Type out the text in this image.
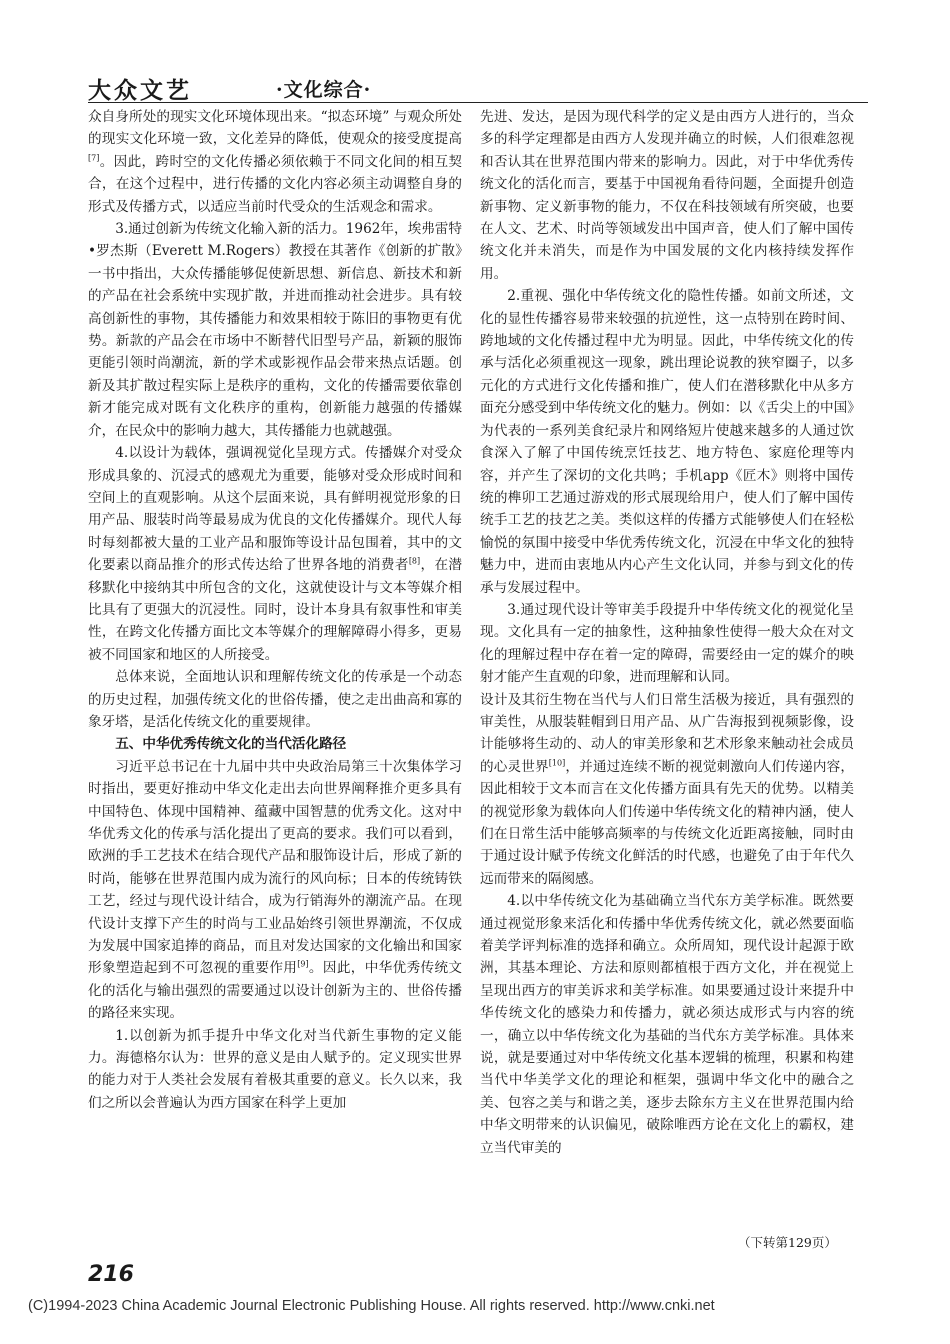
大众文艺	·文化综合·

众自身所处的现实文化环境体现出来。“拟态环境” 与观众所处的现实文化环境一致，文化差异的降低，使观众的接受度提高[7]。因此，跨时空的文化传播必须依赖于不同文化间的相互契合，在这个过程中，进行传播的文化内容必须主动调整自身的形式及传播方式，以适应当前时代受众的生活观念和需求。

3.通过创新为传统文化输入新的活力。1962年，埃弗雷特•罗杰斯（Everett M.Rogers）教授在其著作《创新的扩散》一书中指出，大众传播能够促使新思想、新信息、新技术和新的产品在社会系统中实现扩散，并进而推动社会进步。具有较高创新性的事物，其传播能力和效果相较于陈旧的事物更有优势。新款的产品会在市场中不断替代旧型号产品，新颖的服饰更能引领时尚潮流，新的学术或影视作品会带来热点话题。创新及其扩散过程实际上是秩序的重构，文化的传播需要依靠创新才能完成对既有文化秩序的重构，创新能力越强的传播媒介，在民众中的影响力越大，其传播能力也就越强。

4.以设计为载体，强调视觉化呈现方式。传播媒介对受众形成具象的、沉浸式的感观尤为重要，能够对受众形成时间和空间上的直观影响。从这个层面来说，具有鲜明视觉形象的日用产品、服装时尚等最易成为优良的文化传播媒介。现代人每时每刻都被大量的工业产品和服饰等设计品包围着，其中的文化要素以商品推介的形式传达给了世界各地的消费者[8]，在潜移默化中接纳其中所包含的文化，这就使设计与文本等媒介相比具有了更强大的沉浸性。同时，设计本身具有叙事性和审美性，在跨文化传播方面比文本等媒介的理解障碍小得多，更易被不同国家和地区的人所接受。

总体来说，全面地认识和理解传统文化的传承是一个动态的历史过程，加强传统文化的世俗传播，使之走出曲高和寡的象牙塔，是活化传统文化的重要规律。

五、中华优秀传统文化的当代活化路径

习近平总书记在十九届中共中央政治局第三十次集体学习时指出，要更好推动中华文化走出去向世界阐释推介更多具有中国特色、体现中国精神、蕴藏中国智慧的优秀文化。这对中华优秀文化的传承与活化提出了更高的要求。我们可以看到，欧洲的手工艺技术在结合现代产品和服饰设计后，形成了新的时尚，能够在世界范围内成为流行的风向标；日本的传统铸铁工艺，经过与现代设计结合，成为行销海外的潮流产品。在现代设计支撑下产生的时尚与工业品始终引领世界潮流，不仅成为发展中国家追捧的商品，而且对发达国家的文化输出和国家形象塑造起到不可忽视的重要作用[9]。因此，中华优秀传统文化的活化与输出强烈的需要通过以设计创新为主的、世俗传播的路径来实现。

1.以创新为抓手提升中华文化对当代新生事物的定义能力。海德格尔认为：世界的意义是由人赋予的。定义现实世界的能力对于人类社会发展有着极其重要的意义。长久以来，我们之所以会普遍认为西方国家在科学上更加

先进、发达，是因为现代科学的定义是由西方人进行的，当众多的科学定理都是由西方人发现并确立的时候，人们很难忽视和否认其在世界范围内带来的影响力。因此，对于中华优秀传统文化的活化而言，要基于中国视角看待问题，全面提升创造新事物、定义新事物的能力，不仅在科技领域有所突破，也要在人文、艺术、时尚等领域发出中国声音，使人们了解中国传统文化并未消失，而是作为中国发展的文化内核持续发挥作用。

2.重视、强化中华传统文化的隐性传播。如前文所述，文化的显性传播容易带来较强的抗逆性，这一点特别在跨时间、跨地域的文化传播过程中尤为明显。因此，中华传统文化的传承与活化必须重视这一现象，跳出理论说教的狭窄圈子，以多元化的方式进行文化传播和推广，使人们在潜移默化中从多方面充分感受到中华传统文化的魅力。例如：以《舌尖上的中国》为代表的一系列美食纪录片和网络短片使越来越多的人通过饮食深入了解了中国传统烹饪技艺、地方特色、家庭伦理等内容，并产生了深切的文化共鸣；手机app《匠木》则将中国传统的榫卯工艺通过游戏的形式展现给用户，使人们了解中国传统手工艺的技艺之美。类似这样的传播方式能够使人们在轻松愉悦的氛围中接受中华优秀传统文化，沉浸在中华文化的独特魅力中，进而由衷地从内心产生文化认同，并参与到文化的传承与发展过程中。

3.通过现代设计等审美手段提升中华传统文化的视觉化呈现。文化具有一定的抽象性，这种抽象性使得一般大众在对文化的理解过程中存在着一定的障碍，需要经由一定的媒介的映射才能产生直观的印象，进而理解和认同。

设计及其衍生物在当代与人们日常生活极为接近，具有强烈的审美性，从服装鞋帽到日用产品、从广告海报到视频影像，设计能够将生动的、动人的审美形象和艺术形象来触动社会成员的心灵世界[10]，并通过连续不断的视觉刺激向人们传递内容，因此相较于文本而言在文化传播方面具有先天的优势。以精美的视觉形象为载体向人们传递中华传统文化的精神内涵，使人们在日常生活中能够高频率的与传统文化近距离接触，同时由于通过设计赋予传统文化鲜活的时代感，也避免了由于年代久远而带来的隔阂感。

4.以中华传统文化为基础确立当代东方美学标准。既然要通过视觉形象来活化和传播中华优秀传统文化，就必然要面临着美学评判标准的选择和确立。众所周知，现代设计起源于欧洲，其基本理论、方法和原则都植根于西方文化，并在视觉上呈现出西方的审美诉求和美学标准。如果要通过设计来提升中华传统文化的感染力和传播力，就必须达成形式与内容的统一，确立以中华传统文化为基础的当代东方美学标准。具体来说，就是要通过对中华传统文化基本逻辑的梳理，积累和构建当代中华美学文化的理论和框架，强调中华文化中的融合之美、包容之美与和谐之美，逐步去除东方主义在世界范围内给中华文明带来的认识偏见，破除唯西方论在文化上的霸权，建立当代审美的

（下转第129页）
216
(C)1994-2023 China Academic Journal Electronic Publishing House. All rights reserved. http://www.cnki.net
